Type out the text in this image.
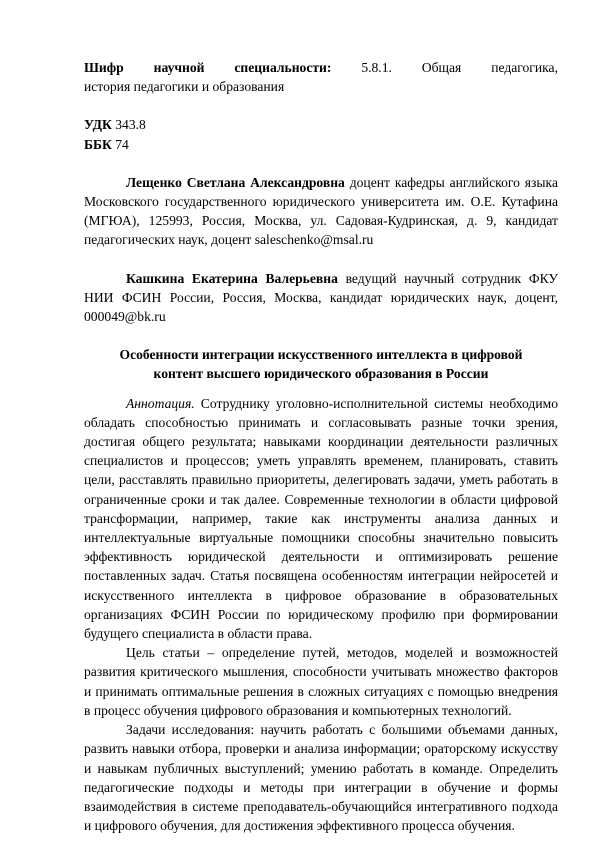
Шифр научной специальности: 5.8.1. Общая педагогика,
история педагогики и образования
УДК 343.8
ББК 74
Лещенко Светлана Александровна доцент кафедры английского языка Московского государственного юридического университета им. О.Е. Кутафина (МГЮА), 125993, Россия, Москва, ул. Садовая-Кудринская, д. 9, кандидат педагогических наук, доцент saleschenko@msal.ru
Кашкина Екатерина Валерьевна ведущий научный сотрудник ФКУ НИИ ФСИН России, Россия, Москва, кандидат юридических наук, доцент, 000049@bk.ru
Особенности интеграции искусственного интеллекта в цифровой
контент высшего юридического образования в России
Аннотация. Сотруднику уголовно-исполнительной системы необходимо обладать способностью принимать и согласовывать разные точки зрения, достигая общего результата; навыками координации деятельности различных специалистов и процессов; уметь управлять временем, планировать, ставить цели, расставлять правильно приоритеты, делегировать задачи, уметь работать в ограниченные сроки и так далее. Современные технологии в области цифровой трансформации, например, такие как инструменты анализа данных и интеллектуальные виртуальные помощники способны значительно повысить эффективность юридической деятельности и оптимизировать решение поставленных задач. Статья посвящена особенностям интеграции нейросетей и искусственного интеллекта в цифровое образование в образовательных организациях ФСИН России по юридическому профилю при формировании будущего специалиста в области права.
Цель статьи – определение путей, методов, моделей и возможностей развития критического мышления, способности учитывать множество факторов и принимать оптимальные решения в сложных ситуациях с помощью внедрения в процесс обучения цифрового образования и компьютерных технологий.
Задачи исследования: научить работать с большими объемами данных, развить навыки отбора, проверки и анализа информации; ораторскому искусству и навыкам публичных выступлений; умению работать в команде. Определить педагогические подходы и методы при интеграции в обучение и формы взаимодействия в системе преподаватель-обучающийся интегративного подхода и цифрового обучения, для достижения эффективного процесса обучения.
